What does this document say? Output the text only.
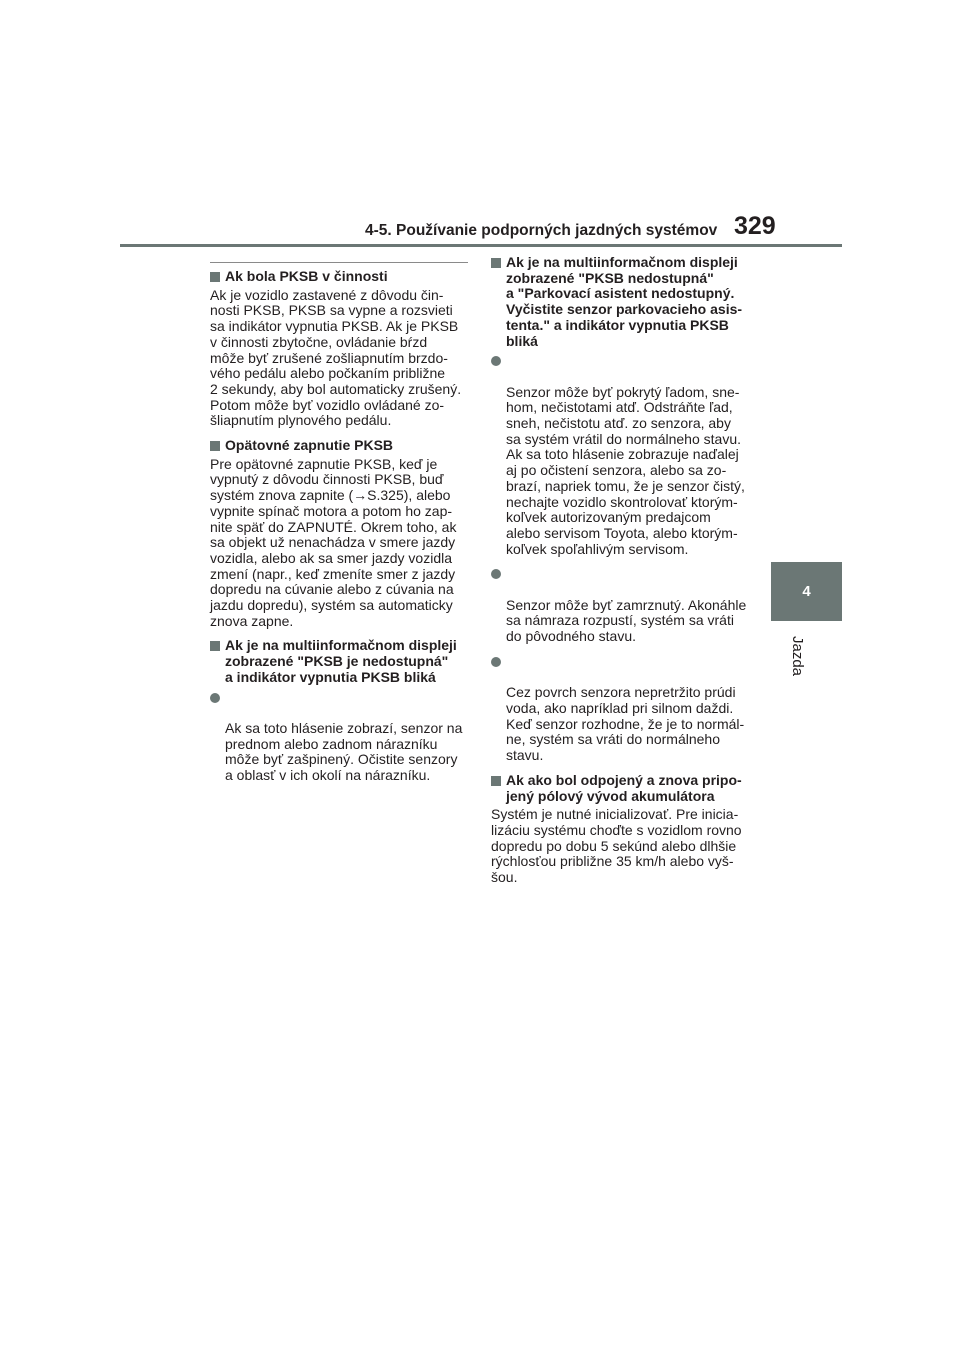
4-5. Používanie podporných jazdných systémov 329
4
Jazda
Ak bola PKSB v činnosti
Ak je vozidlo zastavené z dôvodu čin-
nosti PKSB, PKSB sa vypne a rozsvieti
sa indikátor vypnutia PKSB. Ak je PKSB
v činnosti zbytočne, ovládanie bŕzd
môže byť zrušené zošliapnutím brzdo-
vého pedálu alebo počkaním približne
2 sekundy, aby bol automaticky zrušený.
Potom môže byť vozidlo ovládané zo-
šliapnutím plynového pedálu.
Opätovné zapnutie PKSB
Pre opätovné zapnutie PKSB, keď je
vypnutý z dôvodu činnosti PKSB, buď
systém znova zapnite (→S.325), alebo
vypnite spínač motora a potom ho zap-
nite späť do ZAPNUTÉ. Okrem toho, ak
sa objekt už nenachádza v smere jazdy
vozidla, alebo ak sa smer jazdy vozidla
zmení (napr., keď zmeníte smer z jazdy
dopredu na cúvanie alebo z cúvania na
jazdu dopredu), systém sa automaticky
znova zapne.
Ak je na multiinformačnom displeji
zobrazené "PKSB je nedostupná"
a indikátor vypnutia PKSB bliká

Ak sa toto hlásenie zobrazí, senzor na
prednom alebo zadnom nárazníku
môže byť zašpinený. Očistite senzory
a oblasť v ich okolí na nárazníku.

Ak je na multiinformačnom displeji
zobrazené "PKSB nedostupná"
a "Parkovací asistent nedostupný.
Vyčistite senzor parkovacieho asis-
tenta." a indikátor vypnutia PKSB
bliká

Senzor môže byť pokrytý ľadom, sne-
hom, nečistotami atď. Odstráňte ľad,
sneh, nečistotu atď. zo senzora, aby
sa systém vrátil do normálneho stavu.
Ak sa toto hlásenie zobrazuje naďalej
aj po očistení senzora, alebo sa zo-
brazí, napriek tomu, že je senzor čistý,
nechajte vozidlo skontrolovať ktorým-
koľvek autorizovaným predajcom
alebo servisom Toyota, alebo ktorým-
koľvek spoľahlivým servisom.

Senzor môže byť zamrznutý. Akonáhle
sa námraza rozpustí, systém sa vráti
do pôvodného stavu.

Cez povrch senzora nepretržito prúdi
voda, ako napríklad pri silnom daždi.
Keď senzor rozhodne, že je to normál-
ne, systém sa vráti do normálneho
stavu.

Ak ako bol odpojený a znova pripo-
jený pólový vývod akumulátora
Systém je nutné inicializovať. Pre inicia-
lizáciu systému choďte s vozidlom rovno
dopredu po dobu 5 sekúnd alebo dlhšie
rýchlosťou približne 35 km/h alebo vyš-
šou.
